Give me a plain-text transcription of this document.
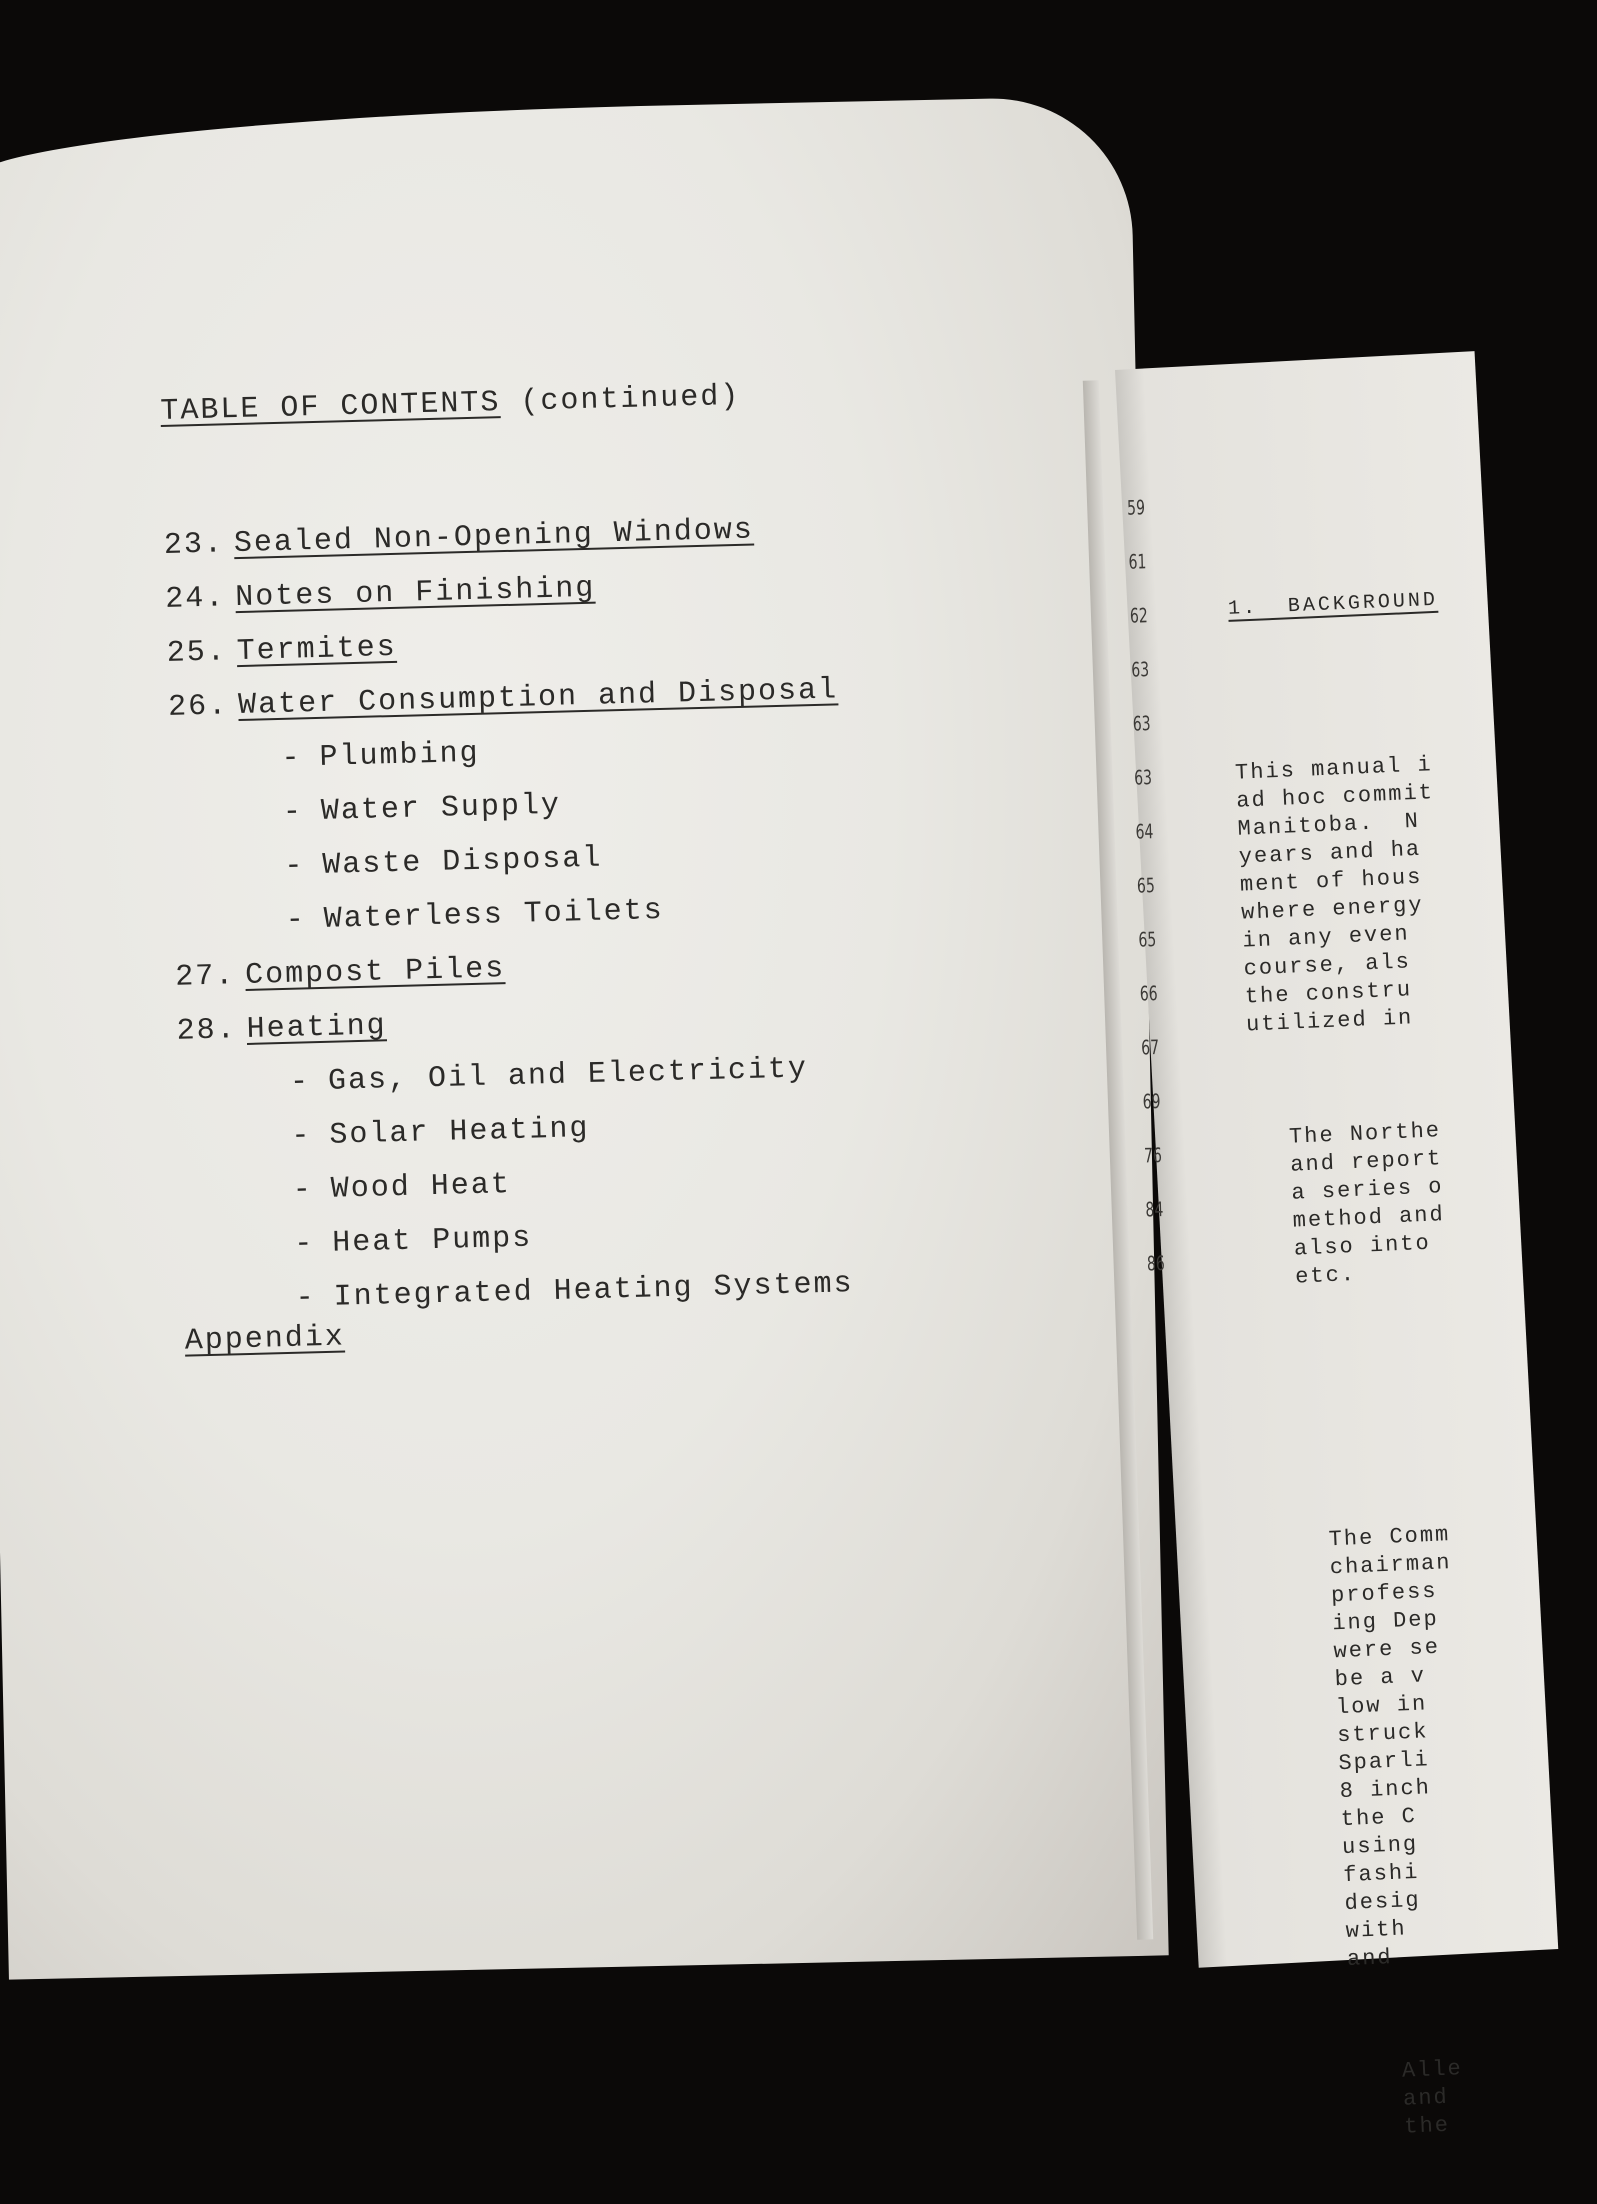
TABLE OF CONTENTS (continued)
23. Sealed Non-Opening Windows
59
24. Notes on Finishing
61
25. Termites
62
26. Water Consumption and Disposal
63
- Plumbing
63
- Water Supply
63
- Waste Disposal
64
- Waterless Toilets
65
27. Compost Piles
65
28. Heating
66
- Gas, Oil and Electricity
67
- Solar Heating
69
- Wood Heat
76
- Heat Pumps
84
- Integrated Heating Systems
86
Appendix

1.  BACKGROUND

This manual i
ad hoc commit
Manitoba.  N
years and ha
ment of hous
where energy
in any even
course, als
the constru
utilized in

The Northe
and report
a series o
method and
also into
etc.

The Comm
chairman
profess
ing Dep
were se
be a v
low in
struck
Sparli
8 inch
the C
using
fashi
desig
with
and

Alle
and
the
